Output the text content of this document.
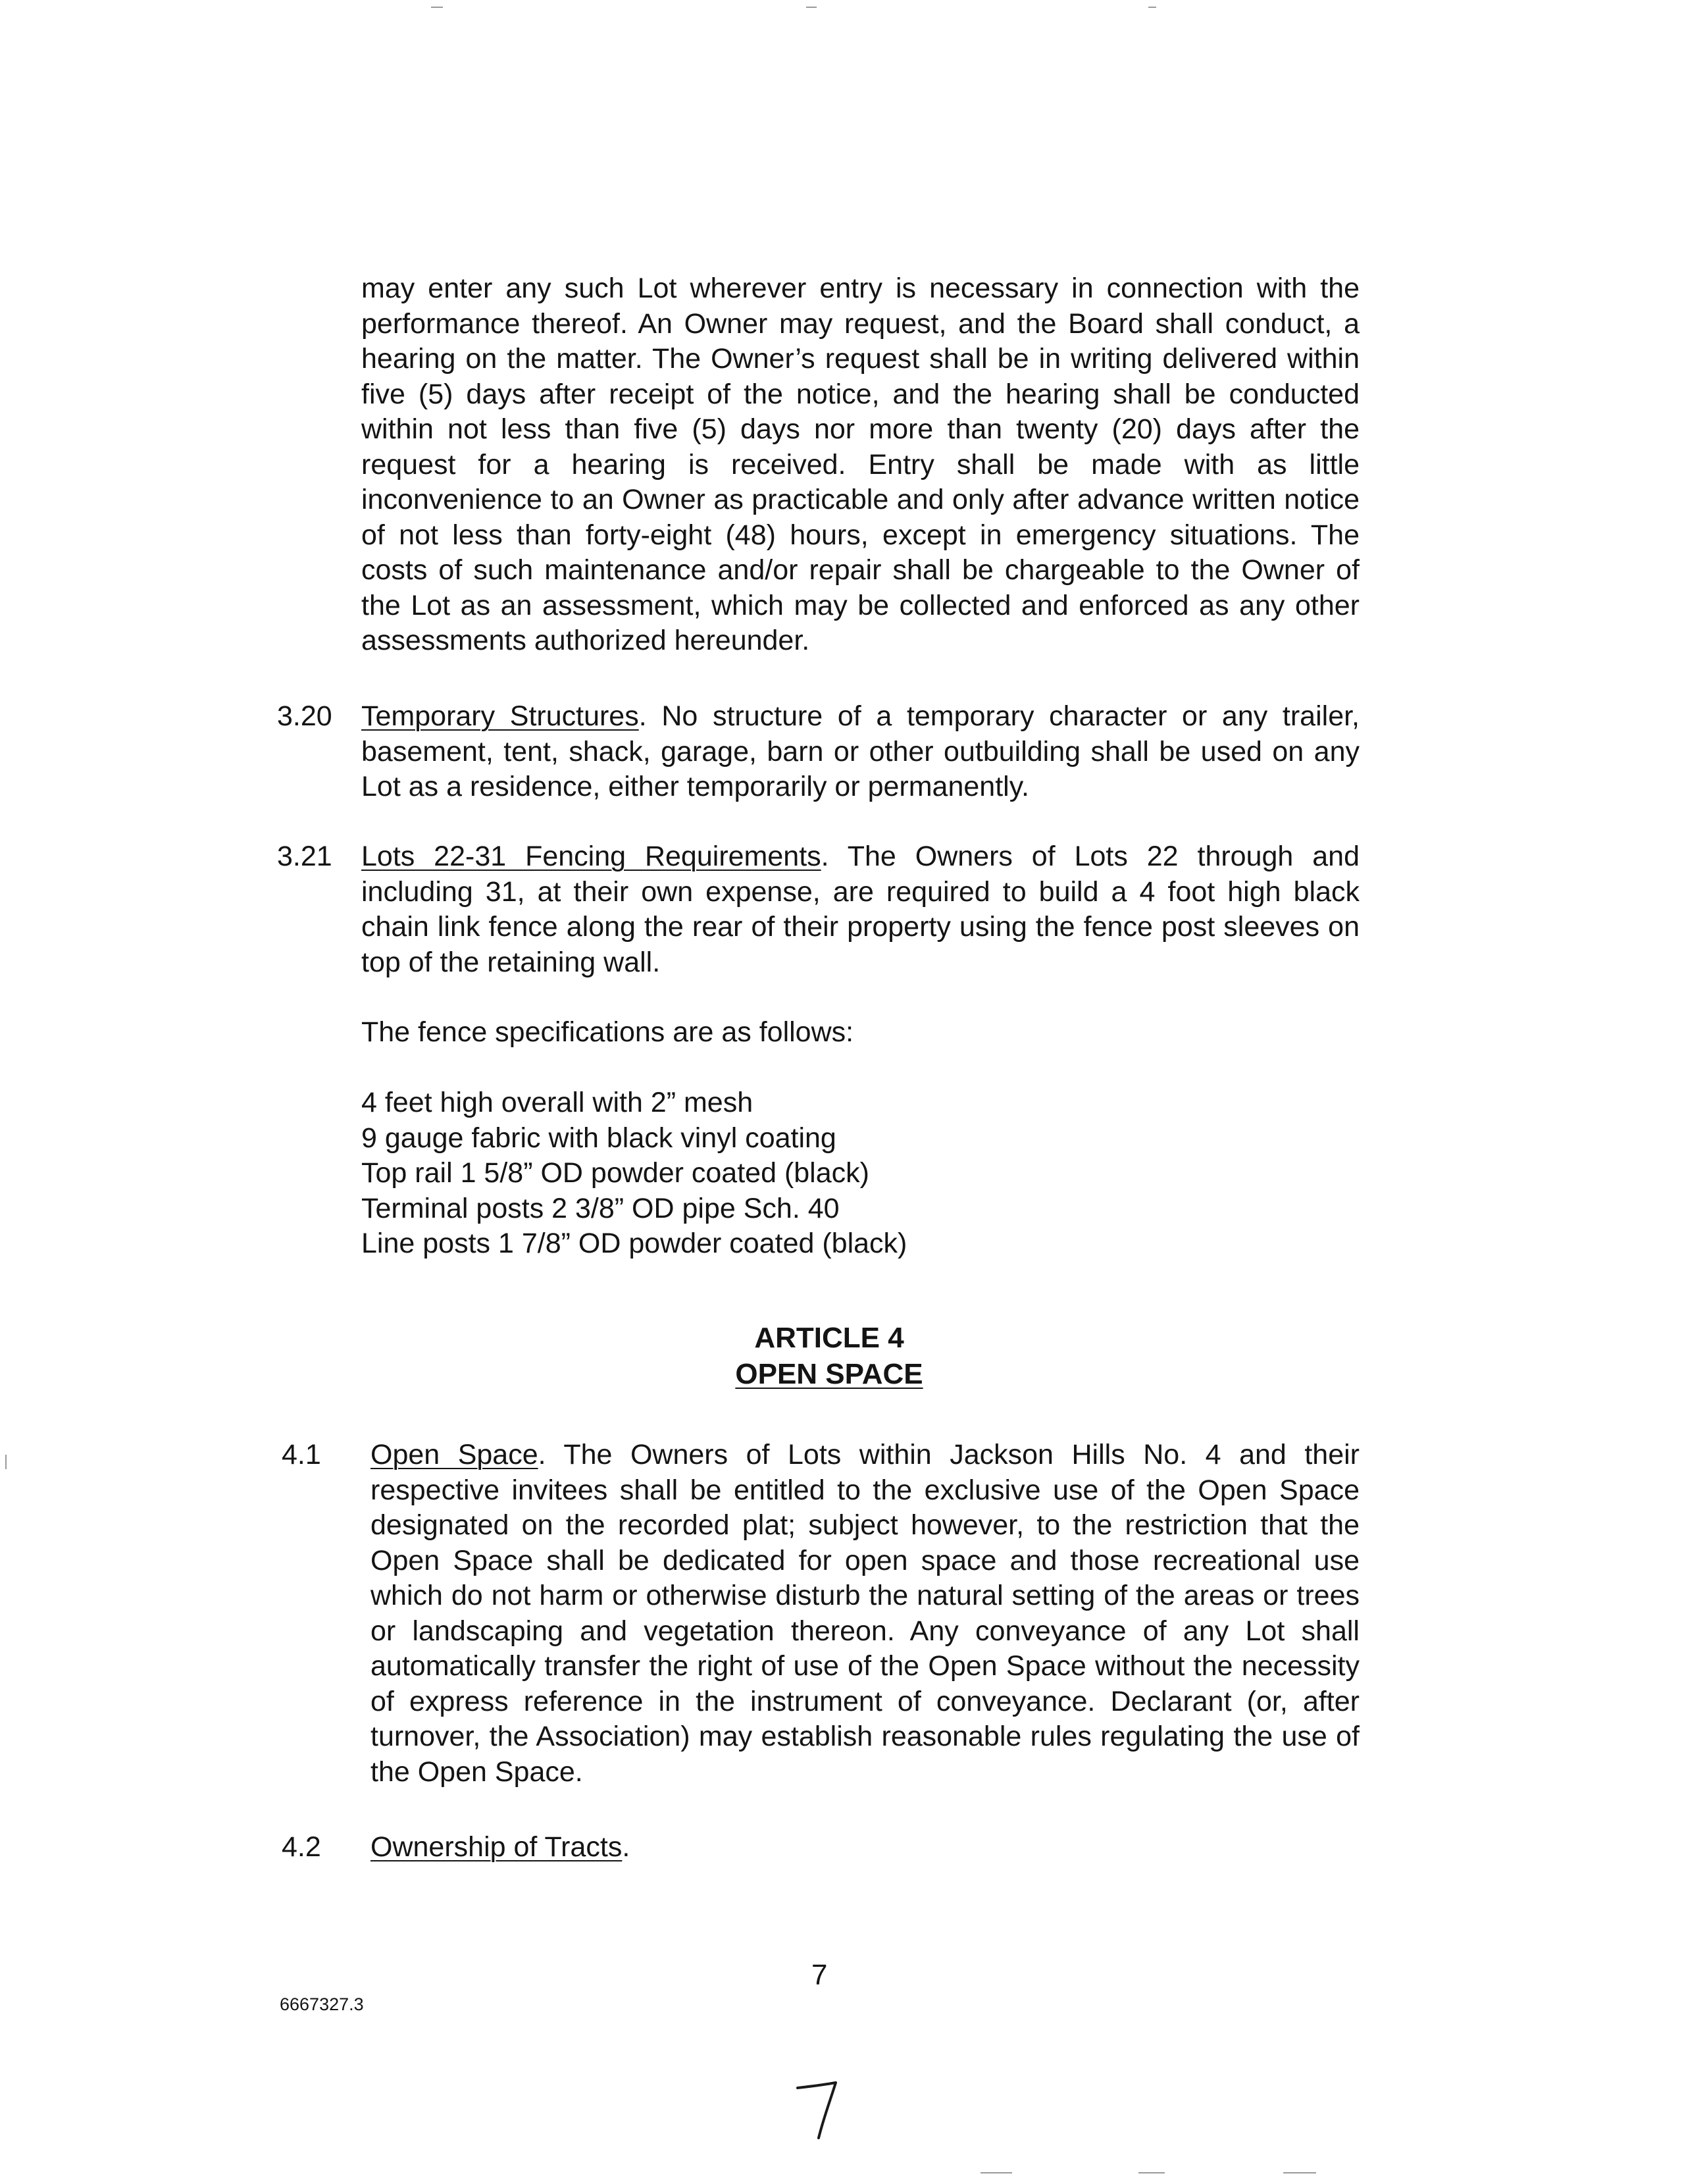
may enter any such Lot wherever entry is necessary in connection with the performance thereof. An Owner may request, and the Board shall conduct, a hearing on the matter. The Owner’s request shall be in writing delivered within five (5) days after receipt of the notice, and the hearing shall be conducted within not less than five (5) days nor more than twenty (20) days after the request for a hearing is received. Entry shall be made with as little inconvenience to an Owner as practicable and only after advance written notice of not less than forty-eight (48) hours, except in emergency situations. The costs of such maintenance and/or repair shall be chargeable to the Owner of the Lot as an assessment, which may be collected and enforced as any other assessments authorized hereunder.

3.20 Temporary Structures. No structure of a temporary character or any trailer, basement, tent, shack, garage, barn or other outbuilding shall be used on any Lot as a residence, either temporarily or permanently.

3.21 Lots 22-31 Fencing Requirements. The Owners of Lots 22 through and including 31, at their own expense, are required to build a 4 foot high black chain link fence along the rear of their property using the fence post sleeves on top of the retaining wall.

The fence specifications are as follows:

4 feet high overall with 2” mesh
9 gauge fabric with black vinyl coating
Top rail 1 5/8” OD powder coated (black)
Terminal posts 2 3/8” OD pipe Sch. 40
Line posts 1 7/8” OD powder coated (black)
ARTICLE 4
OPEN SPACE
4.1 Open Space. The Owners of Lots within Jackson Hills No. 4 and their respective invitees shall be entitled to the exclusive use of the Open Space designated on the recorded plat; subject however, to the restriction that the Open Space shall be dedicated for open space and those recreational use which do not harm or otherwise disturb the natural setting of the areas or trees or landscaping and vegetation thereon. Any conveyance of any Lot shall automatically transfer the right of use of the Open Space without the necessity of express reference in the instrument of conveyance. Declarant (or, after turnover, the Association) may establish reasonable rules regulating the use of the Open Space.

4.2 Ownership of Tracts.

7
6667327.3
